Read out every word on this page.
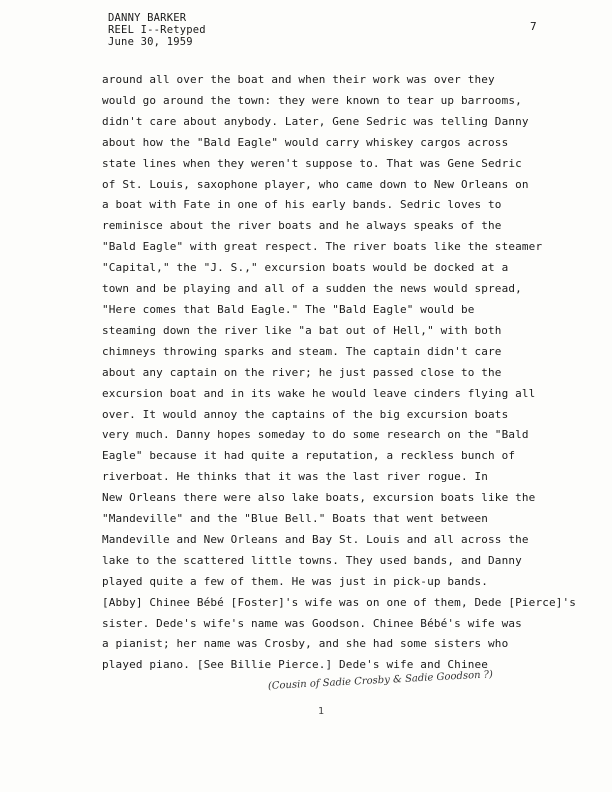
DANNY BARKER
REEL I--Retyped
June 30, 1959
7
around all over the boat and when their work was over they
would go around the town: they were known to tear up barrooms,
didn't care about anybody. Later, Gene Sedric was telling Danny
about how the "Bald Eagle" would carry whiskey cargos across
state lines when they weren't suppose to. That was Gene Sedric
of St. Louis, saxophone player, who came down to New Orleans on
a boat with Fate in one of his early bands. Sedric loves to
reminisce about the river boats and he always speaks of the
"Bald Eagle" with great respect. The river boats like the steamer
"Capital," the "J. S.," excursion boats would be docked at a
town and be playing and all of a sudden the news would spread,
"Here comes that Bald Eagle." The "Bald Eagle" would be
steaming down the river like "a bat out of Hell," with both
chimneys throwing sparks and steam. The captain didn't care
about any captain on the river; he just passed close to the
excursion boat and in its wake he would leave cinders flying all
over. It would annoy the captains of the big excursion boats
very much. Danny hopes someday to do some research on the "Bald
Eagle" because it had quite a reputation, a reckless bunch of
riverboat. He thinks that it was the last river rogue. In
New Orleans there were also lake boats, excursion boats like the
"Mandeville" and the "Blue Bell." Boats that went between
Mandeville and New Orleans and Bay St. Louis and all across the
lake to the scattered little towns. They used bands, and Danny
played quite a few of them. He was just in pick-up bands.
[Abby] Chinee Bébé [Foster]'s wife was on one of them, Dede [Pierce]'s
sister. Dede's wife's name was Goodson. Chinee Bébé's wife was
a pianist; her name was Crosby, and she had some sisters who
played piano. [See Billie Pierce.] Dede's wife and Chinee
(Cousin of Sadie Crosby & Sadie Goodson ?)
1
